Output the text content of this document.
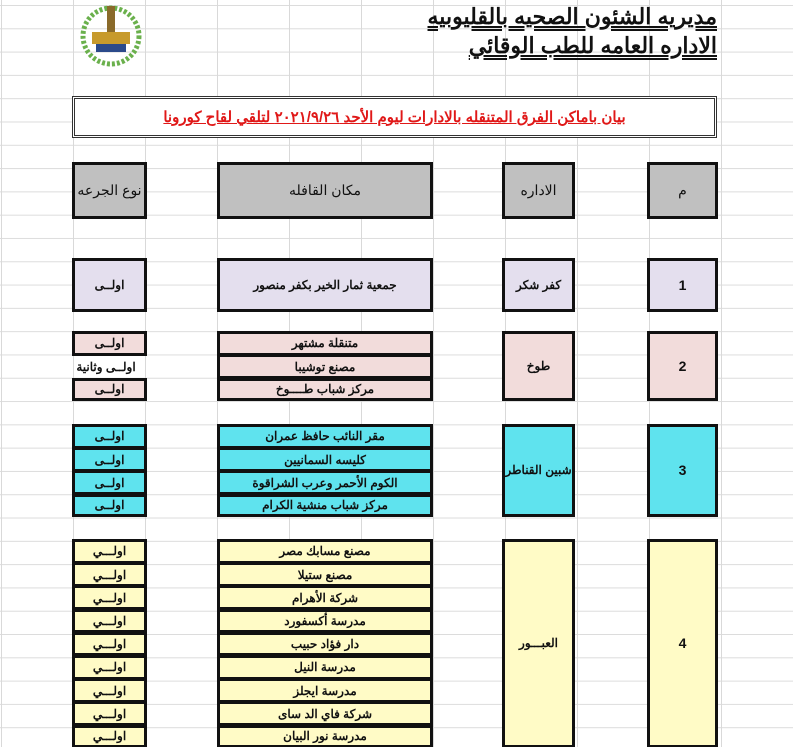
مديريه الشئون الصحيه بالقليوبيه
الاداره العامه للطب الوقائي
بيان باماكن الفرق المتنقله بالادارات ليوم الأحد ٢٠٢١/٩/٢٦ لتلقي لقاح كورونا
م
الاداره
مكان القافله
نوع الجرعه
1
كفر شكر
جمعية ثمار الخير بكفر منصور
اولــى
2
طوخ
متنقلة مشتهر
اولــى
مصنع توشيبا
اولــى وثانية
مركز شباب طــــوخ
اولــى
3
شبين القناطر
مقر النائب حافظ عمران
اولــى
كليسه السمانيين
اولــى
الكوم الأحمر وعرب الشراقوة
اولــى
مركز شباب منشية الكرام
اولــى
4
العبـــور
مصنع مسابك مصر
اولـــي
مصنع ستيلا
اولـــي
شركة الأهرام
اولـــي
مدرسة أكسفورد
اولـــي
دار فؤاد حبيب
اولـــي
مدرسة النيل
اولـــي
مدرسة ايجلز
اولـــي
شركة فاي الد ساى
اولـــي
مدرسة نور البيان
اولـــي
